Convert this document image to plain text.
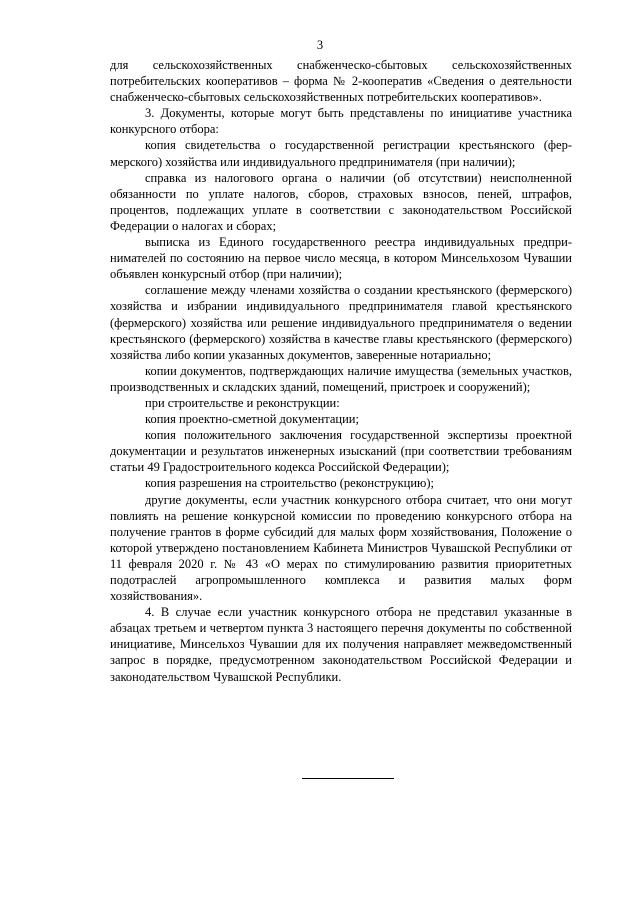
3

для сельскохозяйственных снабженческо-сбытовых сельскохозяйственных потребительских кооперативов – форма № 2-кооператив «Сведения о деятельности снабженческо-сбытовых сельскохозяйственных потребительских кооперативов».

3. Документы, которые могут быть представлены по инициативе участника конкурсного отбора:

копия свидетельства о государственной регистрации крестьянского (фермерского) хозяйства или индивидуального предпринимателя (при наличии);

справка из налогового органа о наличии (об отсутствии) неисполненной обязанности по уплате налогов, сборов, страховых взносов, пеней, штрафов, процентов, подлежащих уплате в соответствии с законодательством Российской Федерации о налогах и сборах;

выписка из Единого государственного реестра индивидуальных предпринимателей по состоянию на первое число месяца, в котором Минсельхозом Чувашии объявлен конкурсный отбор (при наличии);

соглашение между членами хозяйства о создании крестьянского (фермерского) хозяйства и избрании индивидуального предпринимателя главой крестьянского (фермерского) хозяйства или решение индивидуального предпринимателя о ведении крестьянского (фермерского) хозяйства в качестве главы крестьянского (фермерского) хозяйства либо копии указанных документов, заверенные нотариально;

копии документов, подтверждающих наличие имущества (земельных участков, производственных и складских зданий, помещений, пристроек и сооружений);

при строительстве и реконструкции:

копия проектно-сметной документации;

копия положительного заключения государственной экспертизы проектной документации и результатов инженерных изысканий (при соответствии требованиям статьи 49 Градостроительного кодекса Российской Федерации);

копия разрешения на строительство (реконструкцию);

другие документы, если участник конкурсного отбора считает, что они могут повлиять на решение конкурсной комиссии по проведению конкурсного отбора на получение грантов в форме субсидий для малых форм хозяйствования, Положение о которой утверждено постановлением Кабинета Министров Чувашской Республики от 11 февраля 2020 г. № 43 «О мерах по стимулированию развития приоритетных подотраслей агропромышленного комплекса и развития малых форм хозяйствования».

4. В случае если участник конкурсного отбора не представил указанные в абзацах третьем и четвертом пункта 3 настоящего перечня документы по собственной инициативе, Минсельхоз Чувашии для их получения направляет межведомственный запрос в порядке, предусмотренном законодательством Российской Федерации и законодательством Чувашской Республики.
